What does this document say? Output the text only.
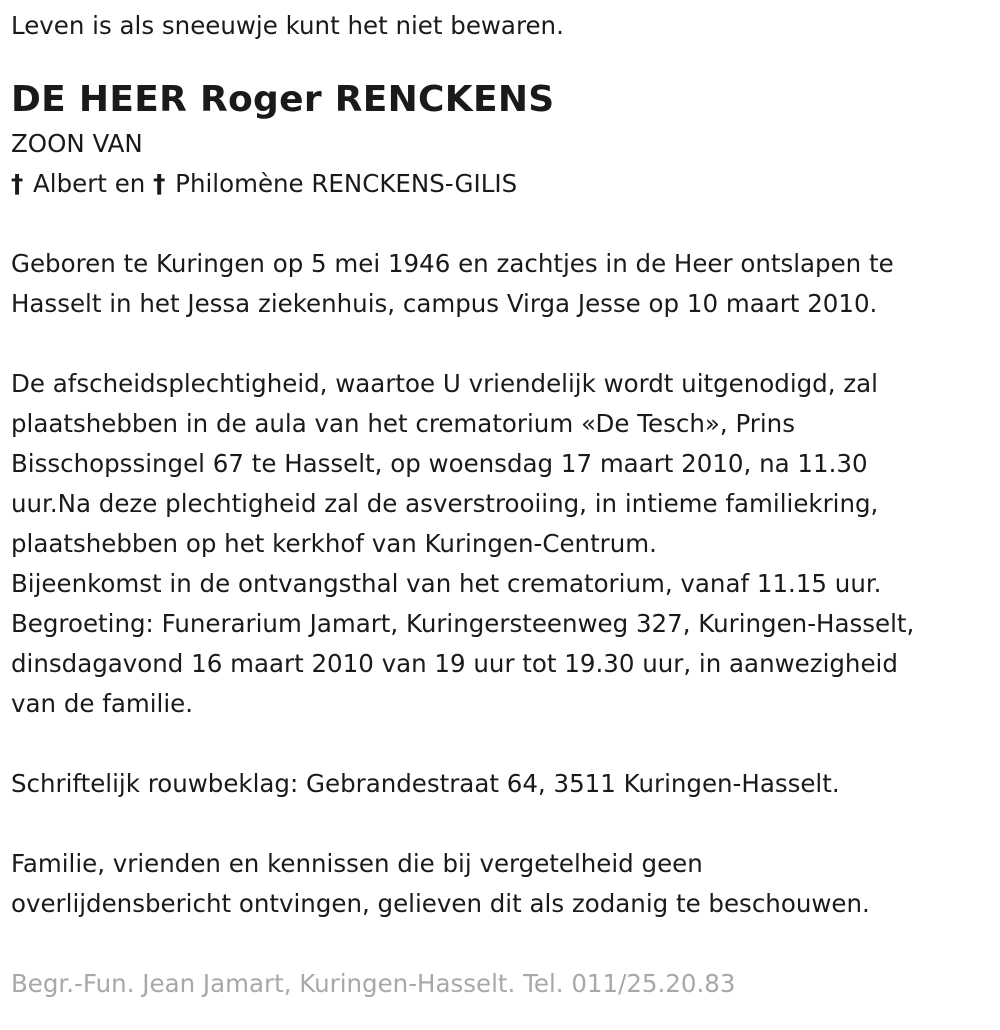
Leven is als sneeuwje kunt het niet bewaren.

DE HEER Roger RENCKENS

ZOON VAN

† Albert en † Philomène RENCKENS-GILIS

Geboren te Kuringen op 5 mei 1946 en zachtjes in de Heer ontslapen te

Hasselt in het Jessa ziekenhuis, campus Virga Jesse op 10 maart 2010.

De afscheidsplechtigheid, waartoe U vriendelijk wordt uitgenodigd, zal

plaatshebben in de aula van het crematorium «De Tesch», Prins

Bisschopssingel 67 te Hasselt, op woensdag 17 maart 2010, na 11.30

uur.Na deze plechtigheid zal de asverstrooiing, in intieme familiekring,

plaatshebben op het kerkhof van Kuringen-Centrum.

Bijeenkomst in de ontvangsthal van het crematorium, vanaf 11.15 uur.

Begroeting: Funerarium Jamart, Kuringersteenweg 327, Kuringen-Hasselt,

dinsdagavond 16 maart 2010 van 19 uur tot 19.30 uur, in aanwezigheid

van de familie.

Schriftelijk rouwbeklag: Gebrandestraat 64, 3511 Kuringen-Hasselt.

Familie, vrienden en kennissen die bij vergetelheid geen

overlijdensbericht ontvingen, gelieven dit als zodanig te beschouwen.

Begr.-Fun. Jean Jamart, Kuringen-Hasselt. Tel. 011/25.20.83
